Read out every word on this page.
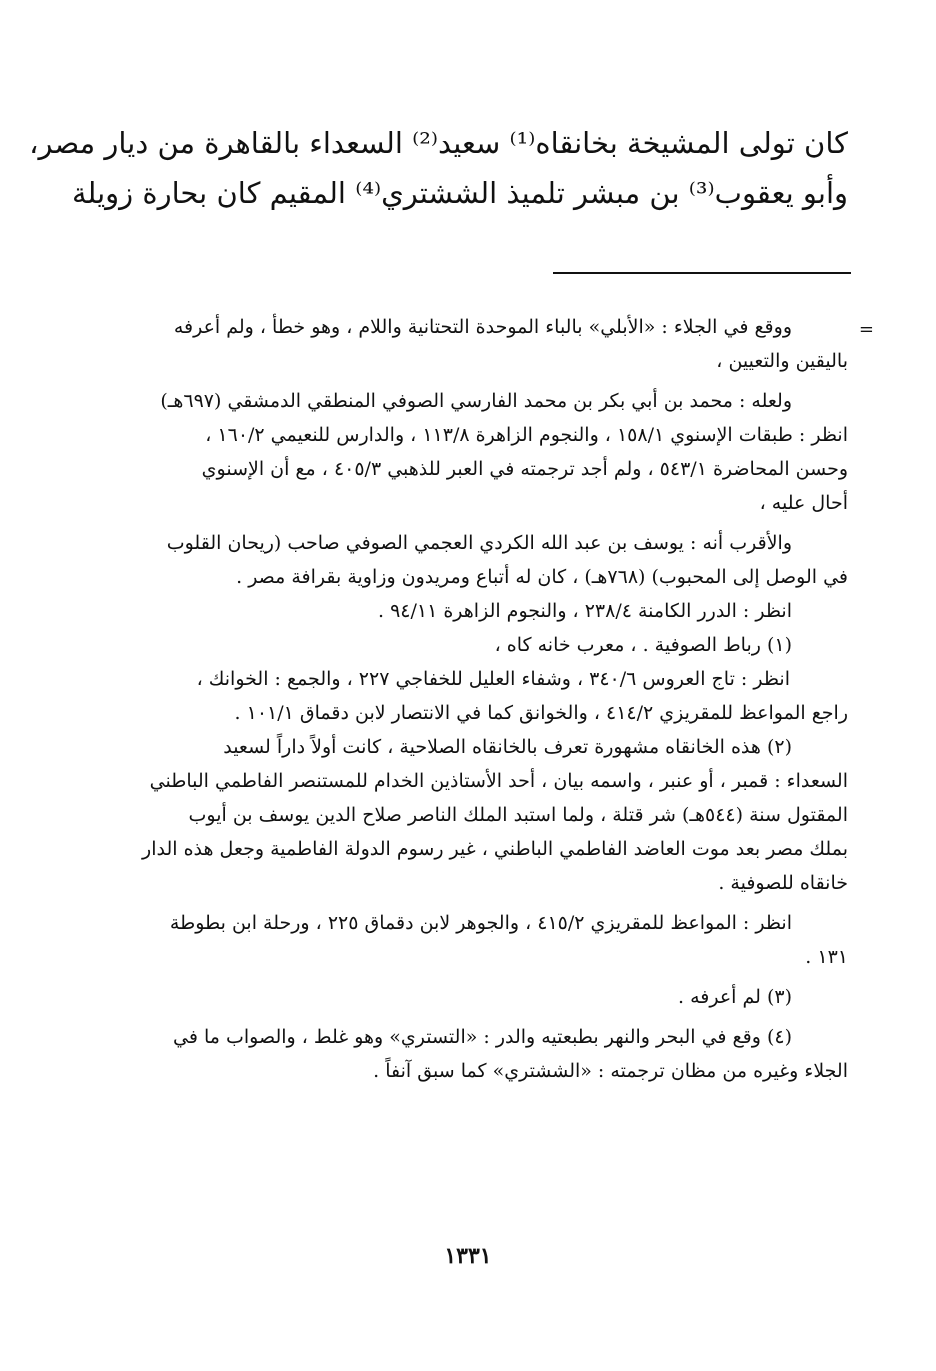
كان تولى المشيخة بخانقاه⁽¹⁾ سعيد⁽²⁾ السعداء بالقاهرة من ديار مصر،
وأبو يعقوب⁽³⁾ بن مبشر تلميذ الششتري⁽⁴⁾ المقيم كان بحارة زويلة
=
ووقع في الجلاء : «الأبلي» بالباء الموحدة التحتانية واللام ، وهو خطأ ، ولم أعرفه
باليقين والتعيين ،
ولعله : محمد بن أبي بكر بن محمد الفارسي الصوفي المنطقي الدمشقي (٦٩٧هـ)
انظر : طبقات الإسنوي ١٥٨/١ ، والنجوم الزاهرة ١١٣/٨ ، والدارس للنعيمي ١٦٠/٢ ،
وحسن المحاضرة ٥٤٣/١ ، ولم أجد ترجمته في العبر للذهبي ٤٠٥/٣ ، مع أن الإسنوي
أحال عليه ،
والأقرب أنه : يوسف بن عبد الله الكردي العجمي الصوفي صاحب (ريحان القلوب
في الوصل إلى المحبوب) (٧٦٨هـ) ، كان له أتباع ومريدون وزاوية بقرافة مصر .
انظر : الدرر الكامنة ٢٣٨/٤ ، والنجوم الزاهرة ٩٤/١١ .
(١) رباط الصوفية . ، معرب خانه كاه ،
انظر : تاج العروس ٣٤٠/٦ ، وشفاء العليل للخفاجي ٢٢٧ ، والجمع : الخوانك ،
راجع المواعظ للمقريزي ٤١٤/٢ ، والخوانق كما في الانتصار لابن دقماق ١٠١/١ .
(٢) هذه الخانقاه مشهورة تعرف بالخانقاه الصلاحية ، كانت أولاً داراً لسعيد
السعداء : قمبر ، أو عنبر ، واسمه بيان ، أحد الأستاذين الخدام للمستنصر الفاطمي الباطني
المقتول سنة (٥٤٤هـ) شر قتلة ، ولما استبد الملك الناصر صلاح الدين يوسف بن أيوب
بملك مصر بعد موت العاضد الفاطمي الباطني ، غير رسوم الدولة الفاطمية وجعل هذه الدار
خانقاه للصوفية .
انظر : المواعظ للمقريزي ٤١٥/٢ ، والجوهر لابن دقماق ٢٢٥ ، ورحلة ابن بطوطة
١٣١ .
(٣) لم أعرفه .
(٤) وقع في البحر والنهر بطبعتيه والدر : «التستري» وهو غلط ، والصواب ما في
الجلاء وغيره من مظان ترجمته : «الششتري» كما سبق آنفاً .
١٣٣١
